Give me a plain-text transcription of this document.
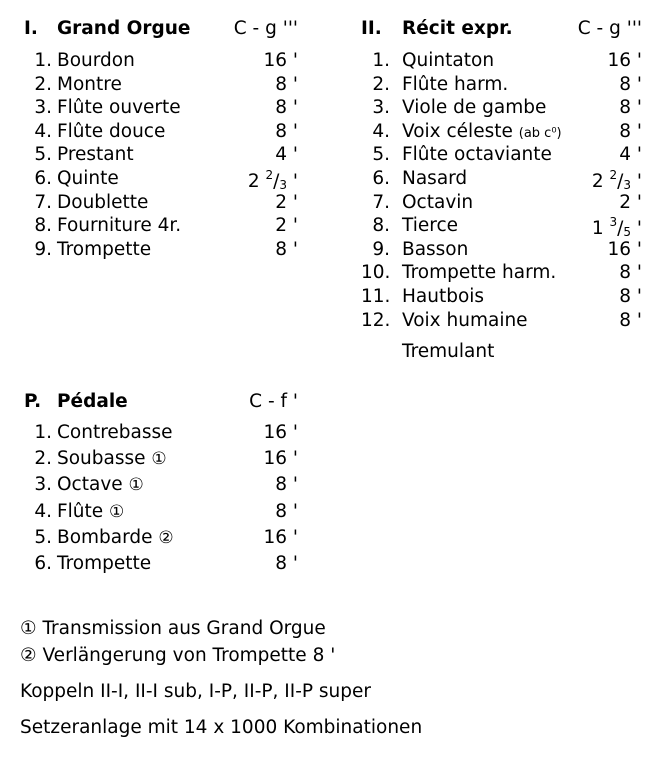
I. Grand Orgue C - g '''
1. Bourdon	16 '
2. Montre	8 '
3. Flûte ouverte	8 '
4. Flûte douce	8 '
5. Prestant	4 '
6. Quinte	2 $^2/_3$ '
7. Doublette	2 '
8. Fourniture 4r.	2 '
9. Trompette	8 '
II. Récit expr.	C - g '''
1. Quintaton	16 '
2. Flûte harm.	8 '
3. Viole de gambe	8 '
4. Voix céleste (ab c⁰)	8 '
5. Flûte octaviante	4 '
6. Nasard	2 $^2/_3$ '
7. Octavin	2 '
8. Tierce	1 $^3/_5$ '
9. Basson	16 '
10. Trompette harm.	8 '
11. Hautbois	8 '
12. Voix humaine	8 '
Tremulant
P. Pédale	C - f '
1. Contrebasse	16 '
2. Soubasse ①	16 '
3. Octave ①	8 '
4. Flûte ①	8 '
5. Bombarde ②	16 '
6. Trompette	8 '
① Transmission aus Grand Orgue
② Verlängerung von Trompette 8 '
Koppeln II-I, II-I sub, I-P, II-P, II-P super
Setzeranlage mit 14 x 1000 Kombinationen
